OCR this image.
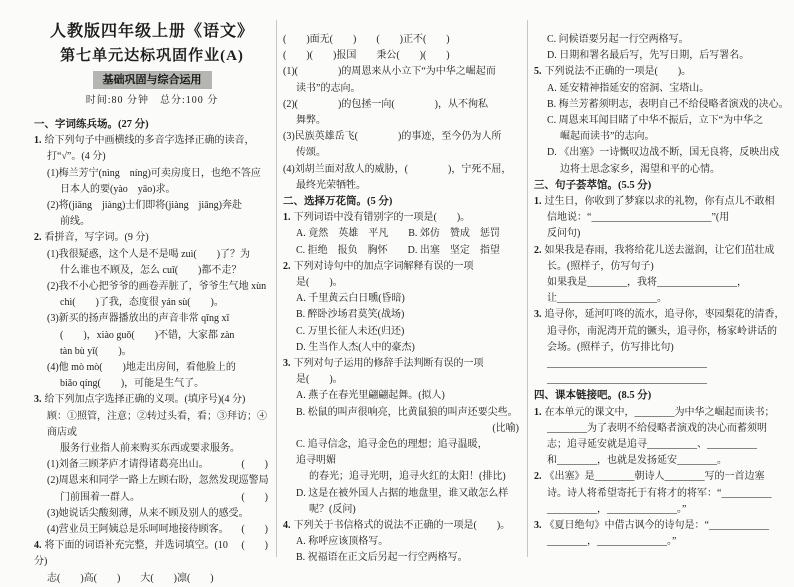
人教版四年级上册《语文》
第七单元达标巩固作业(A)
基础巩固与综合运用
时间:80 分钟　总分:100 分
一、字词练兵场。(27 分)
1. 给下列句子中画横线的多音字选择正确的读音，
打“√”。(4 分)
(1)梅兰芳宁(nìng　níng)可卖房度日，也绝不答应
日本人的要(yào　yāo)求。
(2)将(jiāng　jiàng)士们即将(jiàng　jiāng)奔赴
前线。
2. 看拼音，写字词。(9 分)
(1)我很疑惑，这个人是不是喝 zuì(　　)了？为
什么谁也不顾及，怎么 cuī(　　)都不走？
(2)我不小心把爷爷的画卷弄脏了，爷爷生气地 xùn
chì(　　)了我，态度很 yán sù(　　)。
(3)新买的扬声器播放出的声音非常 qīng xī
(　　)，xiào guǒ(　　)不错，大家都 zàn
tàn bù yǐ(　　)。
(4)他 mò mò(　　)地走出房间，看他脸上的
biǎo qíng(　　)，可能是生气了。
3. 给下列加点字选择正确的义项。(填序号)(4 分)
顾：①照管，注意；②转过头看，看；③拜访；④商店或
服务行业指人前来购买东西或要求服务。
(1)刘备三顾茅庐才请得诸葛亮出山。	(　　)
(2)周恩来和同学一路上左顾右盼，忽然发现巡警局
门前围着一群人。	(　　)
(3)她说话尖酸刻薄，从来不顾及别人的感受。
(　　)
(4)营业员王阿姨总是乐呵呵地接待顾客。
(　　)
4. 将下面的词语补充完整，并选词填空。(10 分)
志(　　)高(　　)　　大(　　)凛(　　)
(　　)面无(　　)　　(　　)正不(　　)
(　　)(　　)报国　　秉公(　　)(　　)
(1)(　　　　)的周恩来从小立下“为中华之崛起而
读书”的志向。
(2)(　　　　)的包拯一向(　　　　)，从不徇私
舞弊。
(3)民族英雄岳飞(　　　　)的事迹，至今仍为人所
传颂。
(4)刘胡兰面对敌人的威胁，(　　　　)，宁死不屈，
最终光荣牺牲。
二、选择万花筒。(5 分)
1. 下列词语中没有错别字的一项是(　　)。
A. 竟然　英雄　平凡　　B. 郊仿　赞成　惩罚
C. 拒绝　报负　胸怀　　D. 出塞　坚定　指望
2. 下列对诗句中的加点字词解释有误的一项
是(　　)。
A. 千里黄云白日曛(昏暗)
B. 醉卧沙场君莫笑(战场)
C. 万里长征人未还(归还)
D. 生当作人杰(人中的豪杰)
3. 下列对句子运用的修辞手法判断有误的一项
是(　　)。
A. 燕子在春光里翩翩起舞。(拟人)
B. 松鼠的叫声很响亮，比黄鼠狼的叫声还要尖些。
(比喻)
C. 追寻信念，追寻金色的理想；追寻温暖，追寻明媚
的春光；追寻光明，追寻火红的太阳！(排比)
D. 这是在被外国人占据的地盘里，谁又敢怎么样
呢？(反问)
4. 下列关于书信格式的说法不正确的一项是(　　)。
A. 称呼应该顶格写。
B. 祝福语在正文后另起一行空两格写。
C. 问候语要另起一行空两格写。
D. 日期和署名最后写，先写日期，后写署名。
5. 下列说法不正确的一项是(　　)。
A. 延安精神指延安的窑洞、宝塔山。
B. 梅兰芳蓄须明志，表明自己不给侵略者演戏的决心。
C. 周恩来耳闻目睹了中华不振后，立下“为中华之
崛起而读书”的志向。
D. 《出塞》一诗慨叹边战不断，国无良将，反映出戍
边将士思念家乡，渴望和平的心情。
三、句子荟萃馆。(5.5 分)
1. 过生日，你收到了梦寐以求的礼物，你有点儿不敢相
信地说：“________________________”(用
反问句)
2. 如果我是春雨，我将给花儿送去滋润，让它们茁壮成
长。(照样子，仿写句子)
如果我是________，我将________________，
让____________________。
3. 追寻你，延河叮咚的流水，追寻你，枣园梨花的清香，
追寻你，南泥湾开荒的镢头，追寻你，杨家岭讲话的
会场。(照样子，仿写排比句)
________________________________
________________________________
四、课本链接吧。(8.5 分)
1. 在本单元的课文中，________为中华之崛起而读书；
________为了表明不给侵略者演戏的决心而蓄须明
志；追寻延安就是追寻__________、__________
和________，也就是发扬延安________。
2. 《出塞》是________朝诗人________写的一首边塞
诗。诗人将希望寄托于有将才的将军：“__________
__________，______________。”
3. 《夏日绝句》中借古讽今的诗句是：“____________
________，______________。”
